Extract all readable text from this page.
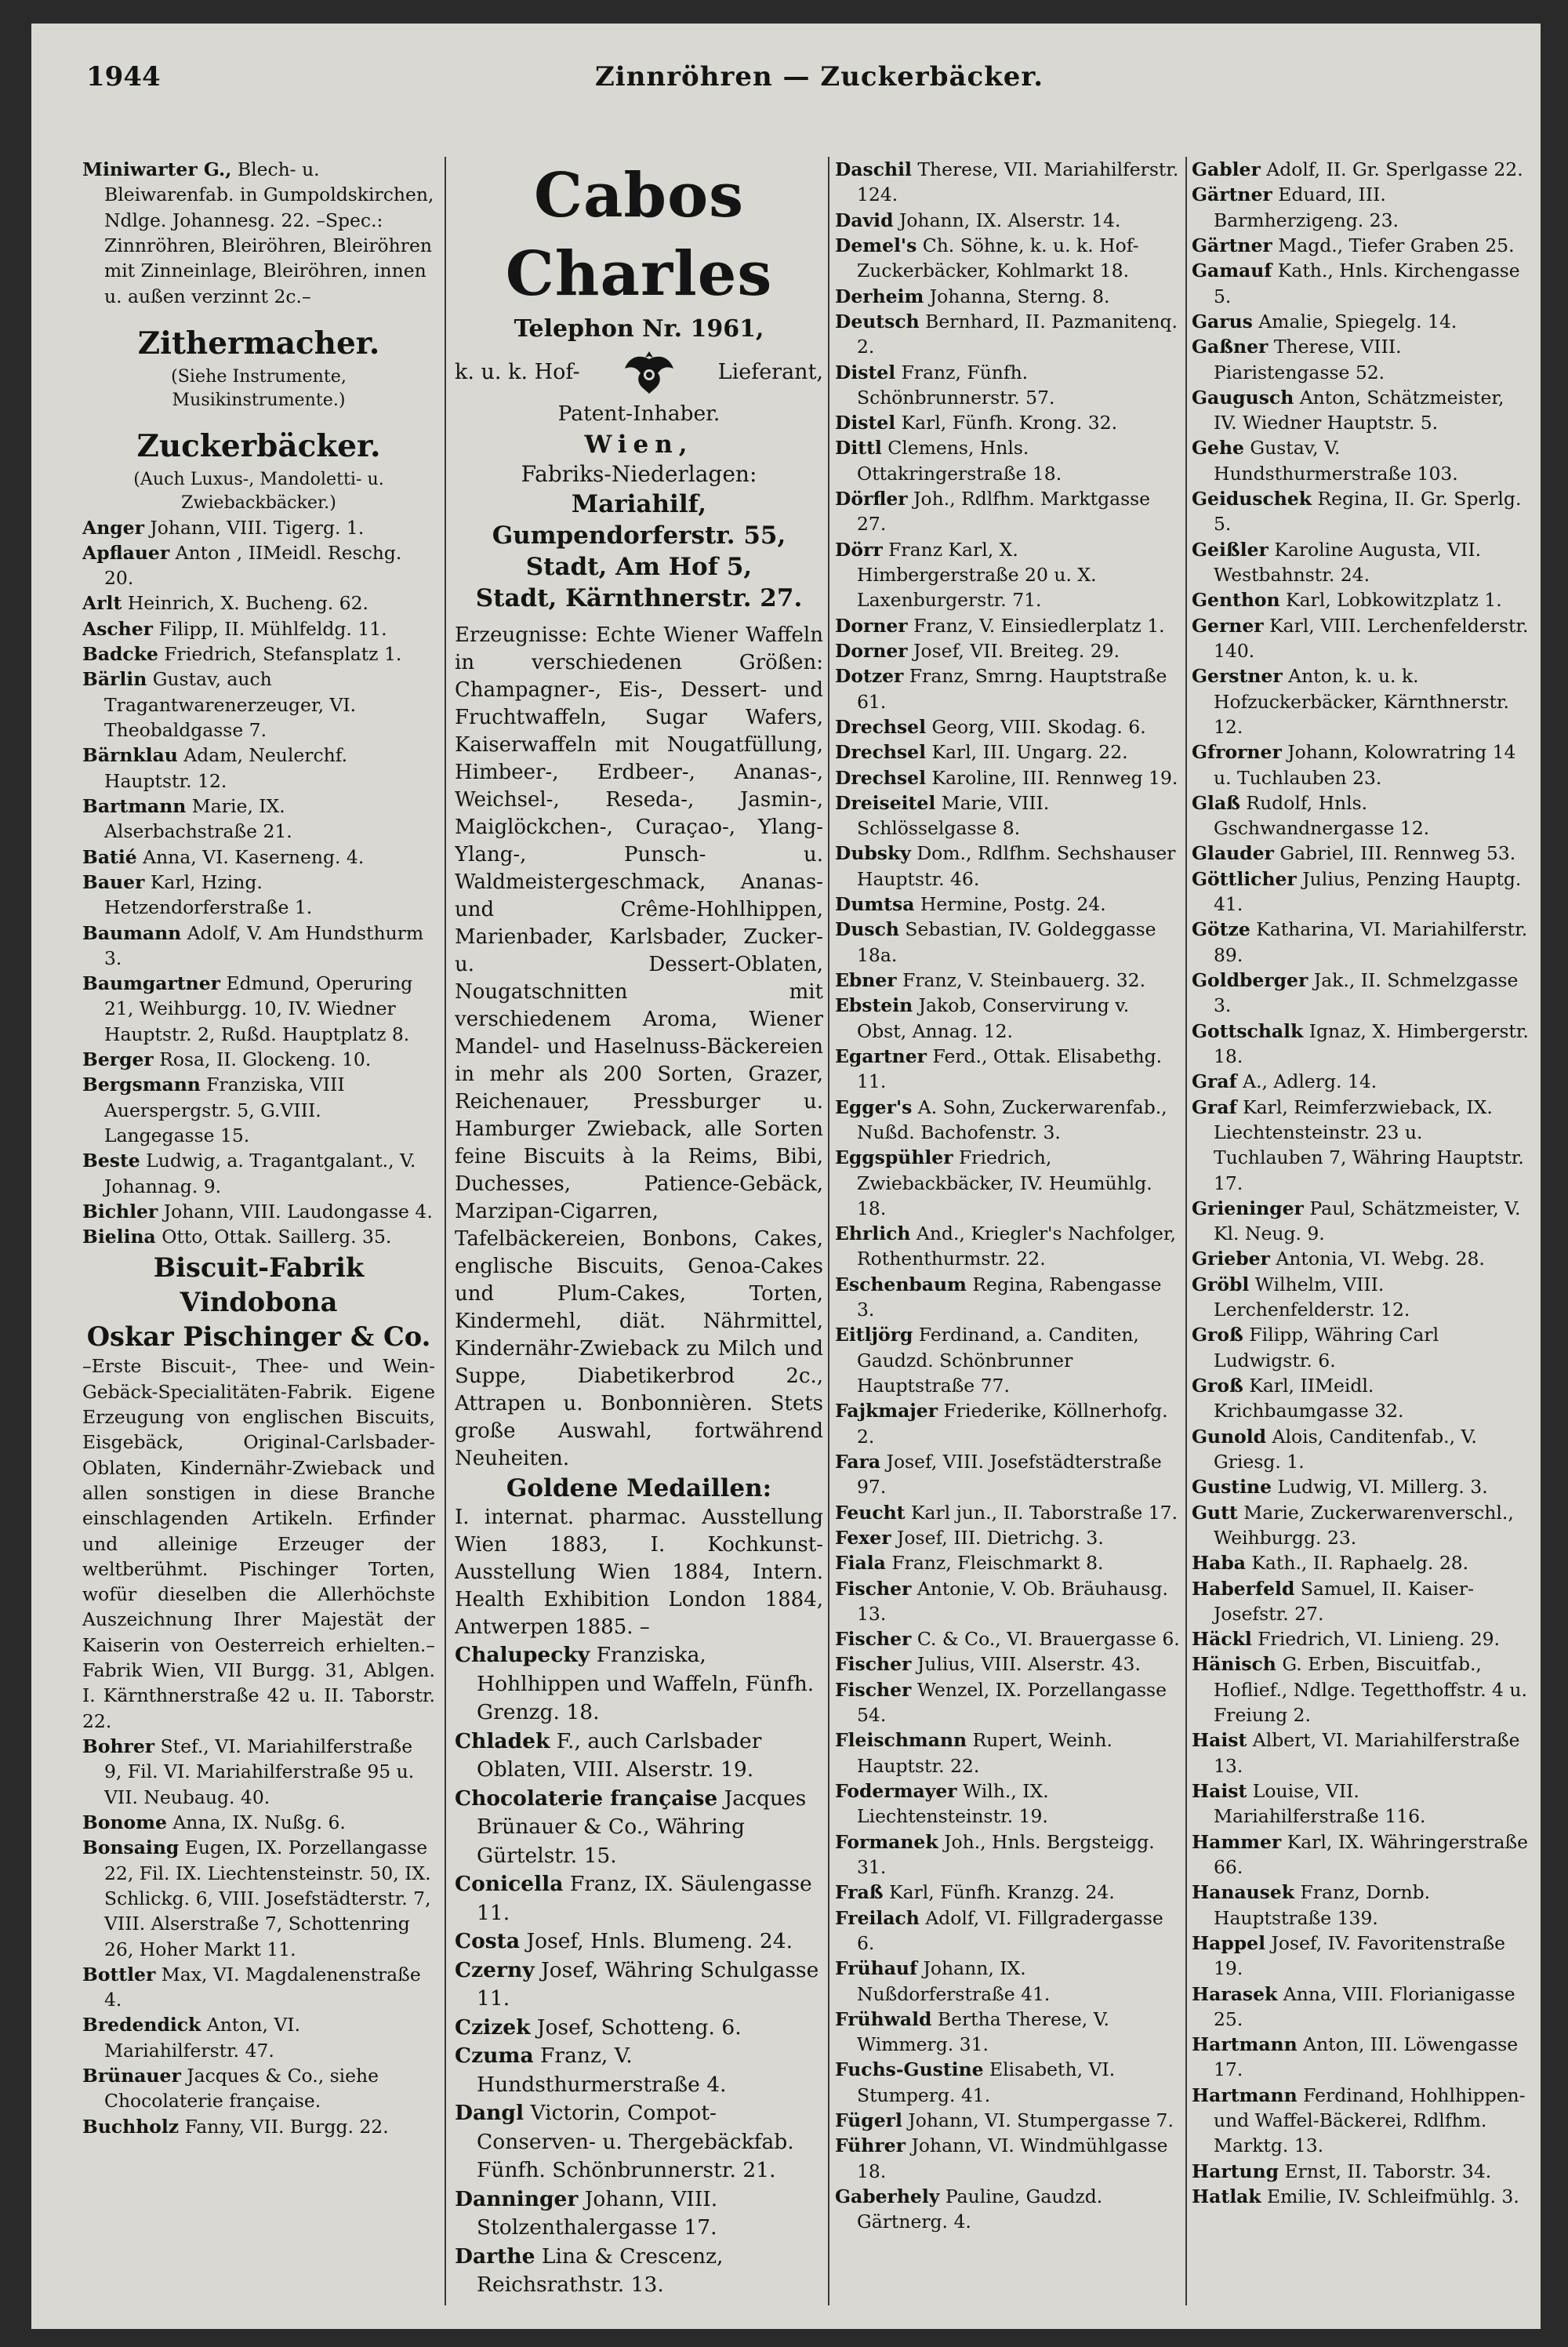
1944	Zinnröhren — Zuckerbäcker.
Miniwarter G., Blech- u. Bleiwarenfab. in Gumpoldskirchen, Ndlge. Johannesg. 22. –Spec.: Zinnröhren, Bleiröhren, Bleiröhren mit Zinneinlage, Bleiröhren, innen u. außen verzinnt 2c.–
Zithermacher.
(Siehe Instrumente, Musikinstrumente.)
Zuckerbäcker.
(Auch Luxus-, Mandoletti- u. Zwiebackbäcker.)
Anger Johann, VIII. Tigerg. 1.
Apflauer Anton , IIMeidl. Reschg. 20.
Arlt Heinrich, X. Bucheng. 62.
Ascher Filipp, II. Mühlfeldg. 11.
Badcke Friedrich, Stefansplatz 1.
Bärlin Gustav, auch Tragantwarenerzeuger, VI. Theobaldgasse 7.
Bärnklau Adam, Neulerchf. Hauptstr. 12.
Bartmann Marie, IX. Alserbachstraße 21.
Batié Anna, VI. Kaserneng. 4.
Bauer Karl, Hzing. Hetzendorferstraße 1.
Baumann Adolf, V. Am Hundsthurm 3.
Baumgartner Edmund, Operuring 21, Weihburgg. 10, IV. Wiedner Hauptstr. 2, Rußd. Hauptplatz 8.
Berger Rosa, II. Glockeng. 10.
Bergsmann Franziska, VIII Auerspergstr. 5, G.VIII. Langegasse 15.
Beste Ludwig, a. Tragantgalant., V. Johannag. 9.
Bichler Johann, VIII. Laudongasse 4.
Bielina Otto, Ottak. Saillerg. 35.
Biscuit-Fabrik Vindobona
Oskar Pischinger & Co.
–Erste Biscuit-, Thee- und Wein-Gebäck-Specialitäten-Fabrik. Eigene Erzeugung von englischen Biscuits, Eisgebäck, Original-Carlsbader-Oblaten, Kindernähr-Zwieback und allen sonstigen in diese Branche einschlagenden Artikeln. Erfinder und alleinige Erzeuger der weltberühmt. Pischinger Torten, wofür dieselben die Allerhöchste Auszeichnung Ihrer Majestät der Kaiserin von Oesterreich erhielten.– Fabrik Wien, VII Burgg. 31, Ablgen. I. Kärnthnerstraße 42 u. II. Taborstr. 22.
Bohrer Stef., VI. Mariahilferstraße 9, Fil. VI. Mariahilferstraße 95 u. VII. Neubaug. 40.
Bonome Anna, IX. Nußg. 6.
Bonsaing Eugen, IX. Porzellangasse 22, Fil. IX. Liechtensteinstr. 50, IX. Schlickg. 6, VIII. Josefstädterstr. 7, VIII. Alserstraße 7, Schottenring 26, Hoher Markt 11.
Bottler Max, VI. Magdalenenstraße 4.
Bredendick Anton, VI. Mariahilferstr. 47.
Brünauer Jacques & Co., siehe Chocolaterie française.
Buchholz Fanny, VII. Burgg. 22.
Cabos Charles
Telephon Nr. 1961,
k. u. k. Hof-	Lieferant,
Patent-Inhaber.
Wien,
Fabriks-Niederlagen:
Mariahilf,
Gumpendorferstr. 55,
Stadt, Am Hof 5,
Stadt, Kärnthnerstr. 27.
Erzeugnisse: Echte Wiener Waffeln in verschiedenen Größen: Champagner-, Eis-, Dessert- und Fruchtwaffeln, Sugar Wafers, Kaiserwaffeln mit Nougatfüllung, Himbeer-, Erdbeer-, Ananas-, Weichsel-, Reseda-, Jasmin-, Maiglöckchen-, Curaçao-, Ylang-Ylang-, Punsch- u. Waldmeistergeschmack, Ananas- und Crême-Hohlhippen, Marienbader, Karlsbader, Zucker- u. Dessert-Oblaten, Nougatschnitten mit verschiedenem Aroma, Wiener Mandel- und Haselnuss-Bäckereien in mehr als 200 Sorten, Grazer, Reichenauer, Pressburger u. Hamburger Zwieback, alle Sorten feine Biscuits à la Reims, Bibi, Duchesses, Patience-Gebäck, Marzipan-Cigarren, Tafelbäckereien, Bonbons, Cakes, englische Biscuits, Genoa-Cakes und Plum-Cakes, Torten, Kindermehl, diät. Nährmittel, Kindernähr-Zwieback zu Milch und Suppe, Diabetikerbrod 2c., Attrapen u. Bonbonnièren. Stets große Auswahl, fortwährend Neuheiten.
Goldene Medaillen:
I. internat. pharmac. Ausstellung Wien 1883, I. Kochkunst-Ausstellung Wien 1884, Intern. Health Exhibition London 1884, Antwerpen 1885. –
Chalupecky Franziska, Hohlhippen und Waffeln, Fünfh. Grenzg. 18.
Chladek F., auch Carlsbader Oblaten, VIII. Alserstr. 19.
Chocolaterie française Jacques Brünauer & Co., Währing Gürtelstr. 15.
Conicella Franz, IX. Säulengasse 11.
Costa Josef, Hnls. Blumeng. 24.
Czerny Josef, Währing Schulgasse 11.
Czizek Josef, Schotteng. 6.
Czuma Franz, V. Hundsthurmerstraße 4.
Dangl Victorin, Compot-Conserven- u. Thergebäckfab. Fünfh. Schönbrunnerstr. 21.
Danninger Johann, VIII. Stolzenthalergasse 17.
Darthe Lina & Crescenz, Reichsrathstr. 13.
Daschil Therese, VII. Mariahilferstr. 124.
David Johann, IX. Alserstr. 14.
Demel's Ch. Söhne, k. u. k. Hof-Zuckerbäcker, Kohlmarkt 18.
Derheim Johanna, Sterng. 8.
Deutsch Bernhard, II. Pazmanitenq. 2.
Distel Franz, Fünfh. Schönbrunnerstr. 57.
Distel Karl, Fünfh. Krong. 32.
Dittl Clemens, Hnls. Ottakringerstraße 18.
Dörfler Joh., Rdlfhm. Marktgasse 27.
Dörr Franz Karl, X. Himbergerstraße 20 u. X. Laxenburgerstr. 71.
Dorner Franz, V. Einsiedlerplatz 1.
Dorner Josef, VII. Breiteg. 29.
Dotzer Franz, Smrng. Hauptstraße 61.
Drechsel Georg, VIII. Skodag. 6.
Drechsel Karl, III. Ungarg. 22.
Drechsel Karoline, III. Rennweg 19.
Dreiseitel Marie, VIII. Schlösselgasse 8.
Dubsky Dom., Rdlfhm. Sechshauser Hauptstr. 46.
Dumtsa Hermine, Postg. 24.
Dusch Sebastian, IV. Goldeggasse 18a.
Ebner Franz, V. Steinbauerg. 32.
Ebstein Jakob, Conservirung v. Obst, Annag. 12.
Egartner Ferd., Ottak. Elisabethg. 11.
Egger's A. Sohn, Zuckerwarenfab., Nußd. Bachofenstr. 3.
Eggspühler Friedrich, Zwiebackbäcker, IV. Heumühlg. 18.
Ehrlich And., Kriegler's Nachfolger, Rothenthurmstr. 22.
Eschenbaum Regina, Rabengasse 3.
Eitljörg Ferdinand, a. Canditen, Gaudzd. Schönbrunner Hauptstraße 77.
Fajkmajer Friederike, Köllnerhofg. 2.
Fara Josef, VIII. Josefstädterstraße 97.
Feucht Karl jun., II. Taborstraße 17.
Fexer Josef, III. Dietrichg. 3.
Fiala Franz, Fleischmarkt 8.
Fischer Antonie, V. Ob. Bräuhausg. 13.
Fischer C. & Co., VI. Brauergasse 6.
Fischer Julius, VIII. Alserstr. 43.
Fischer Wenzel, IX. Porzellangasse 54.
Fleischmann Rupert, Weinh. Hauptstr. 22.
Fodermayer Wilh., IX. Liechtensteinstr. 19.
Formanek Joh., Hnls. Bergsteigg. 31.
Fraß Karl, Fünfh. Kranzg. 24.
Freilach Adolf, VI. Fillgradergasse 6.
Frühauf Johann, IX. Nußdorferstraße 41.
Frühwald Bertha Therese, V. Wimmerg. 31.
Fuchs-Gustine Elisabeth, VI. Stumperg. 41.
Fügerl Johann, VI. Stumpergasse 7.
Führer Johann, VI. Windmühlgasse 18.
Gaberhely Pauline, Gaudzd. Gärtnerg. 4.
Gabler Adolf, II. Gr. Sperlgasse 22.
Gärtner Eduard, III. Barmherzigeng. 23.
Gärtner Magd., Tiefer Graben 25.
Gamauf Kath., Hnls. Kirchengasse 5.
Garus Amalie, Spiegelg. 14.
Gaßner Therese, VIII. Piaristengasse 52.
Gaugusch Anton, Schätzmeister, IV. Wiedner Hauptstr. 5.
Gehe Gustav, V. Hundsthurmerstraße 103.
Geiduschek Regina, II. Gr. Sperlg. 5.
Geißler Karoline Augusta, VII. Westbahnstr. 24.
Genthon Karl, Lobkowitzplatz 1.
Gerner Karl, VIII. Lerchenfelderstr. 140.
Gerstner Anton, k. u. k. Hofzuckerbäcker, Kärnthnerstr. 12.
Gfrorner Johann, Kolowratring 14 u. Tuchlauben 23.
Glaß Rudolf, Hnls. Gschwandnergasse 12.
Glauder Gabriel, III. Rennweg 53.
Göttlicher Julius, Penzing Hauptg. 41.
Götze Katharina, VI. Mariahilferstr. 89.
Goldberger Jak., II. Schmelzgasse 3.
Gottschalk Ignaz, X. Himbergerstr. 18.
Graf A., Adlerg. 14.
Graf Karl, Reimferzwieback, IX. Liechtensteinstr. 23 u. Tuchlauben 7, Währing Hauptstr. 17.
Grieninger Paul, Schätzmeister, V. Kl. Neug. 9.
Grieber Antonia, VI. Webg. 28.
Gröbl Wilhelm, VIII. Lerchenfelderstr. 12.
Groß Filipp, Währing Carl Ludwigstr. 6.
Groß Karl, IIMeidl. Krichbaumgasse 32.
Gunold Alois, Canditenfab., V. Griesg. 1.
Gustine Ludwig, VI. Millerg. 3.
Gutt Marie, Zuckerwarenverschl., Weihburgg. 23.
Haba Kath., II. Raphaelg. 28.
Haberfeld Samuel, II. Kaiser-Josefstr. 27.
Häckl Friedrich, VI. Linieng. 29.
Hänisch G. Erben, Biscuitfab., Hoflief., Ndlge. Tegetthoffstr. 4 u. Freiung 2.
Haist Albert, VI. Mariahilferstraße 13.
Haist Louise, VII. Mariahilferstraße 116.
Hammer Karl, IX. Währingerstraße 66.
Hanausek Franz, Dornb. Hauptstraße 139.
Happel Josef, IV. Favoritenstraße 19.
Harasek Anna, VIII. Florianigasse 25.
Hartmann Anton, III. Löwengasse 17.
Hartmann Ferdinand, Hohlhippen- und Waffel-Bäckerei, Rdlfhm. Marktg. 13.
Hartung Ernst, II. Taborstr. 34.
Hatlak Emilie, IV. Schleifmühlg. 3.
